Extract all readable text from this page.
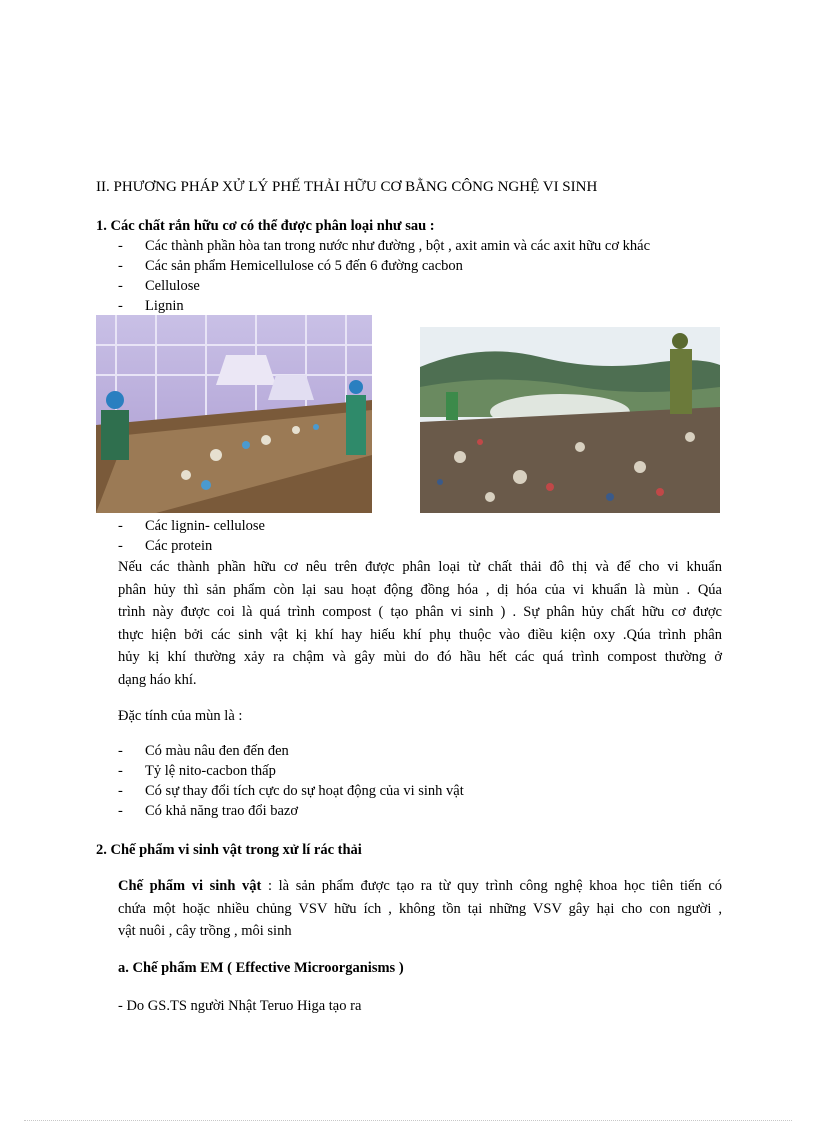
II. PHƯƠNG PHÁP XỬ LÝ PHẾ THẢI HỮU CƠ BẰNG CÔNG NGHỆ VI SINH
1. Các chất rắn hữu cơ có thể được phân loại như sau :
- Các thành phần hòa tan trong nước như đường , bột , axit amin và các axit hữu cơ khác
- Các sản phẩm Hemicellulose có 5 đến 6 đường cacbon
- Cellulose
- Lignin
- Các lignin- cellulose
- Các protein

Nếu các thành phần hữu cơ nêu trên được phân loại từ chất thải đô thị và để cho vi khuẩn

phân hủy thì sản phẩm còn lại sau hoạt động đồng hóa , dị hóa của vi khuẩn là mùn . Qúa

trình này được coi là quá trình compost ( tạo phân vi sinh ) . Sự phân hủy chất hữu cơ được

thực hiện bởi các sinh vật kị khí hay hiếu khí phụ thuộc vào điều kiện oxy .Qúa trình phân

hủy kị khí thường xảy ra chậm và gây mùi do đó hầu hết các quá trình compost thường ở

dạng háo khí.

Đặc tính của mùn là :
- Có màu nâu đen đến đen
- Tỷ lệ nito-cacbon thấp
- Có sự thay đổi tích cực do sự hoạt động của vi sinh vật
- Có khả năng trao đổi bazơ
2. Chế phẩm vi sinh vật trong xử lí rác thải

Chế phẩm vi sinh vật : là sản phẩm được tạo ra từ quy trình công nghệ khoa học tiên tiến có

chứa một hoặc nhiều chủng VSV hữu ích , không tồn tại những VSV gây hại cho con người ,

vật nuôi , cây trồng , môi sinh

a. Chế phẩm EM ( Effective Microorganisms )
- Do GS.TS người Nhật Teruo Higa tạo ra
